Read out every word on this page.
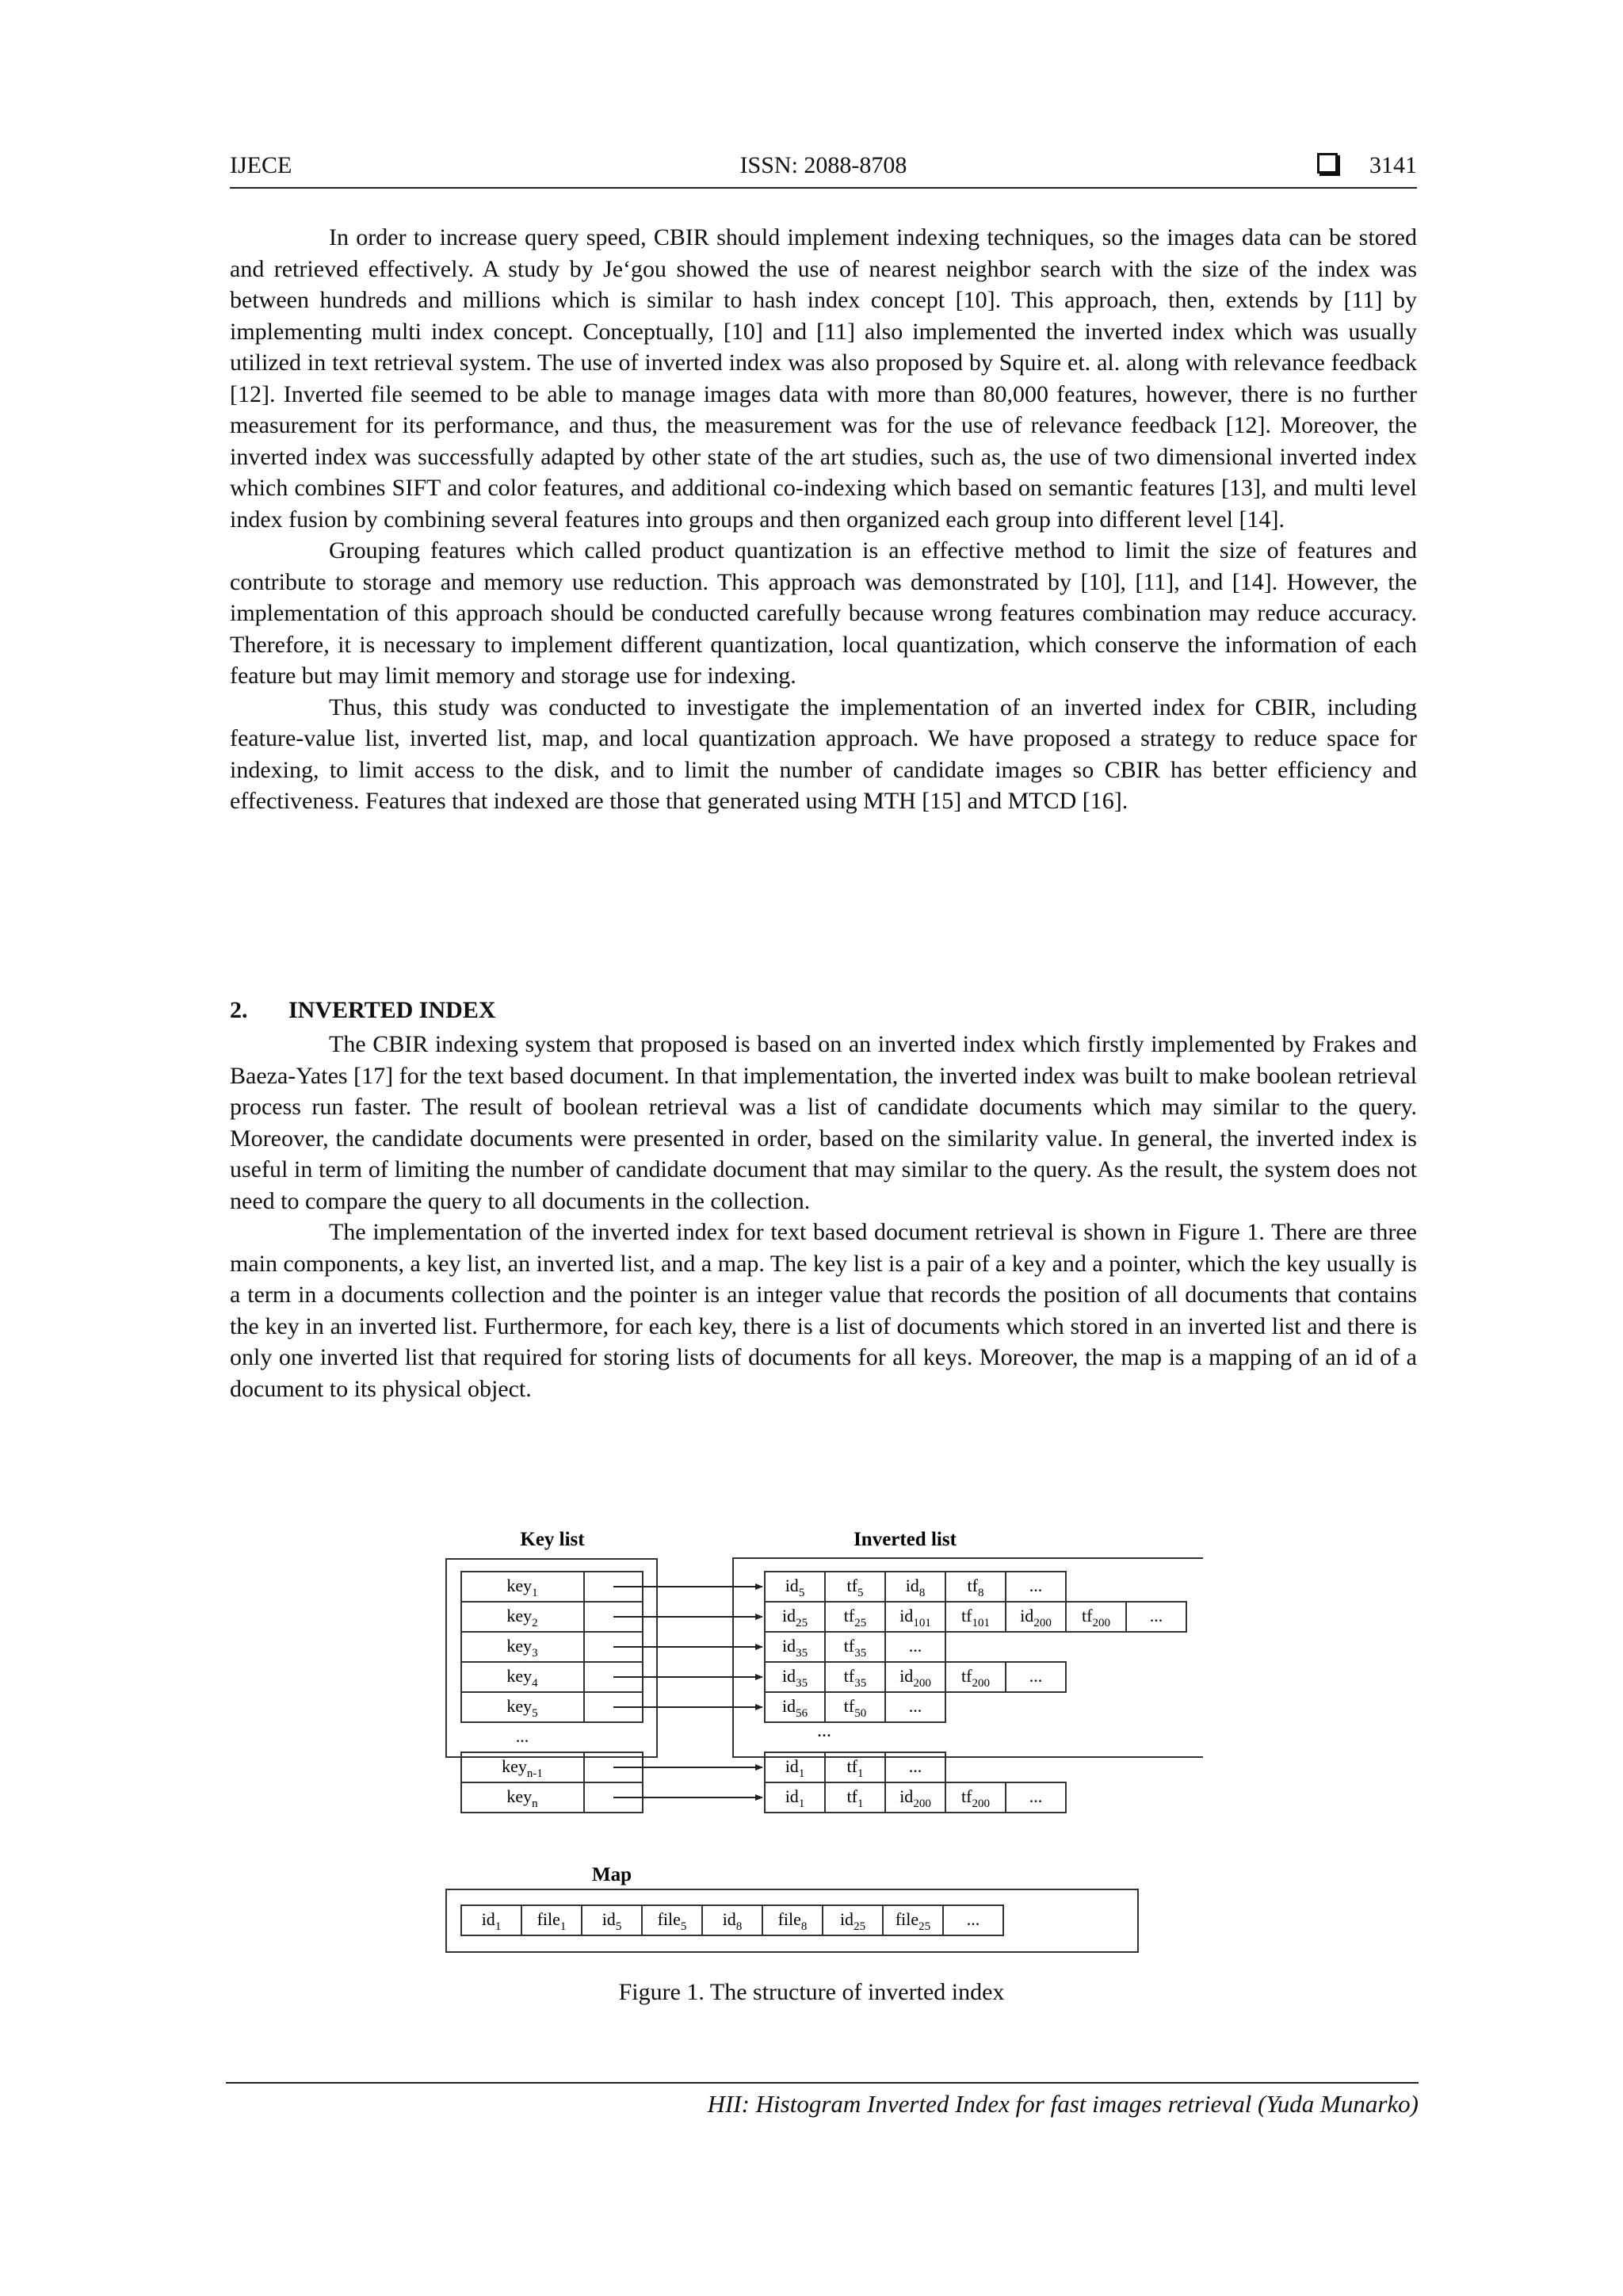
IJECE	ISSN: 2088-8708	3141

In order to increase query speed, CBIR should implement indexing techniques, so the images data can be stored and retrieved effectively. A study by Je‘gou showed the use of nearest neighbor search with the size of the index was between hundreds and millions which is similar to hash index concept [10]. This approach, then, extends by [11] by implementing multi index concept. Conceptually, [10] and [11] also implemented the inverted index which was usually utilized in text retrieval system. The use of inverted index was also proposed by Squire et. al. along with relevance feedback [12]. Inverted file seemed to be able to manage images data with more than 80,000 features, however, there is no further measurement for its performance, and thus, the measurement was for the use of relevance feedback [12]. Moreover, the inverted index was successfully adapted by other state of the art studies, such as, the use of two dimensional inverted index which combines SIFT and color features, and additional co-indexing which based on semantic features [13], and multi level index fusion by combining several features into groups and then organized each group into different level [14].

Grouping features which called product quantization is an effective method to limit the size of features and contribute to storage and memory use reduction. This approach was demonstrated by [10], [11], and [14]. However, the implementation of this approach should be conducted carefully because wrong features combination may reduce accuracy. Therefore, it is necessary to implement different quantization, local quantization, which conserve the information of each feature but may limit memory and storage use for indexing.

Thus, this study was conducted to investigate the implementation of an inverted index for CBIR, including feature-value list, inverted list, map, and local quantization approach. We have proposed a strategy to reduce space for indexing, to limit access to the disk, and to limit the number of candidate images so CBIR has better efficiency and effectiveness. Features that indexed are those that generated using MTH [15] and MTCD [16].

2. INVERTED INDEX

The CBIR indexing system that proposed is based on an inverted index which firstly implemented by Frakes and Baeza-Yates [17] for the text based document. In that implementation, the inverted index was built to make boolean retrieval process run faster. The result of boolean retrieval was a list of candidate documents which may similar to the query. Moreover, the candidate documents were presented in order, based on the similarity value. In general, the inverted index is useful in term of limiting the number of candidate document that may similar to the query. As the result, the system does not need to compare the query to all documents in the collection.

The implementation of the inverted index for text based document retrieval is shown in Figure 1. There are three main components, a key list, an inverted list, and a map. The key list is a pair of a key and a pointer, which the key usually is a term in a documents collection and the pointer is an integer value that records the position of all documents that contains the key in an inverted list. Furthermore, for each key, there is a list of documents which stored in an inverted list and there is only one inverted list that required for storing lists of documents for all keys. Moreover, the map is a mapping of an id of a document to its physical object.

Key list	Inverted list
key$_1$
key$_2$
key$_3$
key$_4$
key$_5$
...
key$_{n-1}$
key$_n$
$id_5$ $tf_5$ $id_8$ $tf_8$	...
$id_{25}$ $tf_{25}$ $id_{101}$ $tf_{101}$ $id_{200}$ $tf_{200}$ ...
$id_{35}$ $tf_{35}$ ...
$id_{35}$ $tf_{35}$ $id_{200}$ $tf_{200}$ ...
$id_{56}$ $tf_{50}$ ...
$id_1$ $tf_1$	...
$id_1$ $tf_1$ $id_{200}$ $tf_{200}$ ...
...
Map
$id_1$ file$_1$ $id_5$ file$_5$ $id_8$ file$_8$ $id_{25}$ file$_{25}$ ...
Figure 1. The structure of inverted index
HII: Histogram Inverted Index for fast images retrieval (Yuda Munarko)
